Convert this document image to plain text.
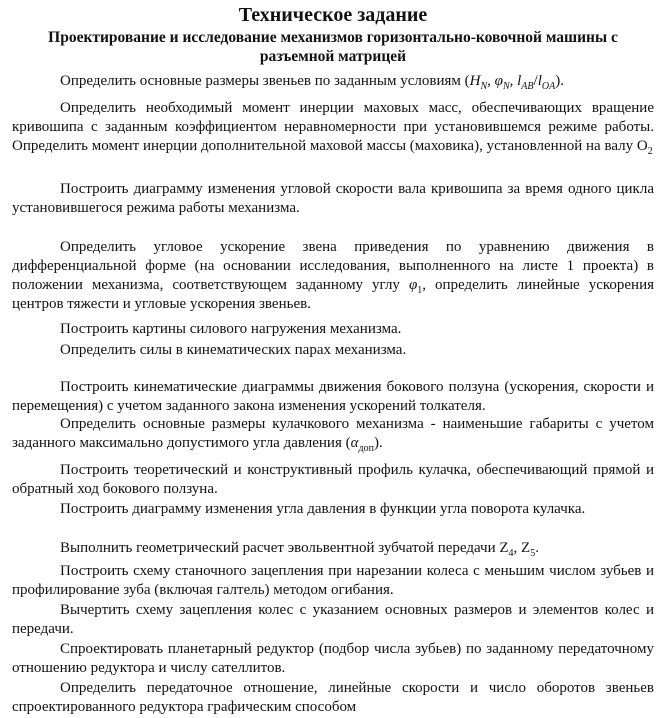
Техническое задание
Проектирование и исследование механизмов горизонтально-ковочной машины с разъемной матрицей
Определить основные размеры звеньев по заданным условиям ($H_N$, $\varphi_N$, $l_{AB}/l_{OA}$).
Определить необходимый момент инерции маховых масс, обеспечивающих вращение кривошипа с заданным коэффициентом неравномерности при установившемся режиме работы. Определить момент инерции дополнительной маховой массы (маховика), установленной на валу $O_2$
Построить диаграмму изменения угловой скорости вала кривошипа за время одного цикла установившегося режима работы механизма.
Определить угловое ускорение звена приведения по уравнению движения в дифференциальной форме (на основании исследования, выполненного на листе 1 проекта) в положении механизма, соответствующем заданному углу $\varphi_1$, определить линейные ускорения центров тяжести и угловые ускорения звеньев.
Построить картины силового нагружения механизма.
Определить силы в кинематических парах механизма.
Построить кинематические диаграммы движения бокового ползуна (ускорения, скорости и перемещения) с учетом заданного закона изменения ускорений толкателя.
Определить основные размеры кулачкового механизма - наименьшие габариты с учетом заданного максимально допустимого угла давления $(\alpha_{доп})$.
Построить теоретический и конструктивный профиль кулачка, обеспечивающий прямой и обратный ход бокового ползуна.
Построить диаграмму изменения угла давления в функции угла поворота кулачка.
Выполнить геометрический расчет эвольвентной зубчатой передачи $Z_4$, $Z_5$.
Построить схему станочного зацепления при нарезании колеса с меньшим числом зубьев и профилирование зуба (включая галтель) методом огибания.
Вычертить схему зацепления колес с указанием основных размеров и элементов колес и передачи.
Спроектировать планетарный редуктор (подбор числа зубьев) по заданному передаточному отношению редуктора и числу сателлитов.
Определить передаточное отношение, линейные скорости и число оборотов звеньев спроектированного редуктора графическим способом
